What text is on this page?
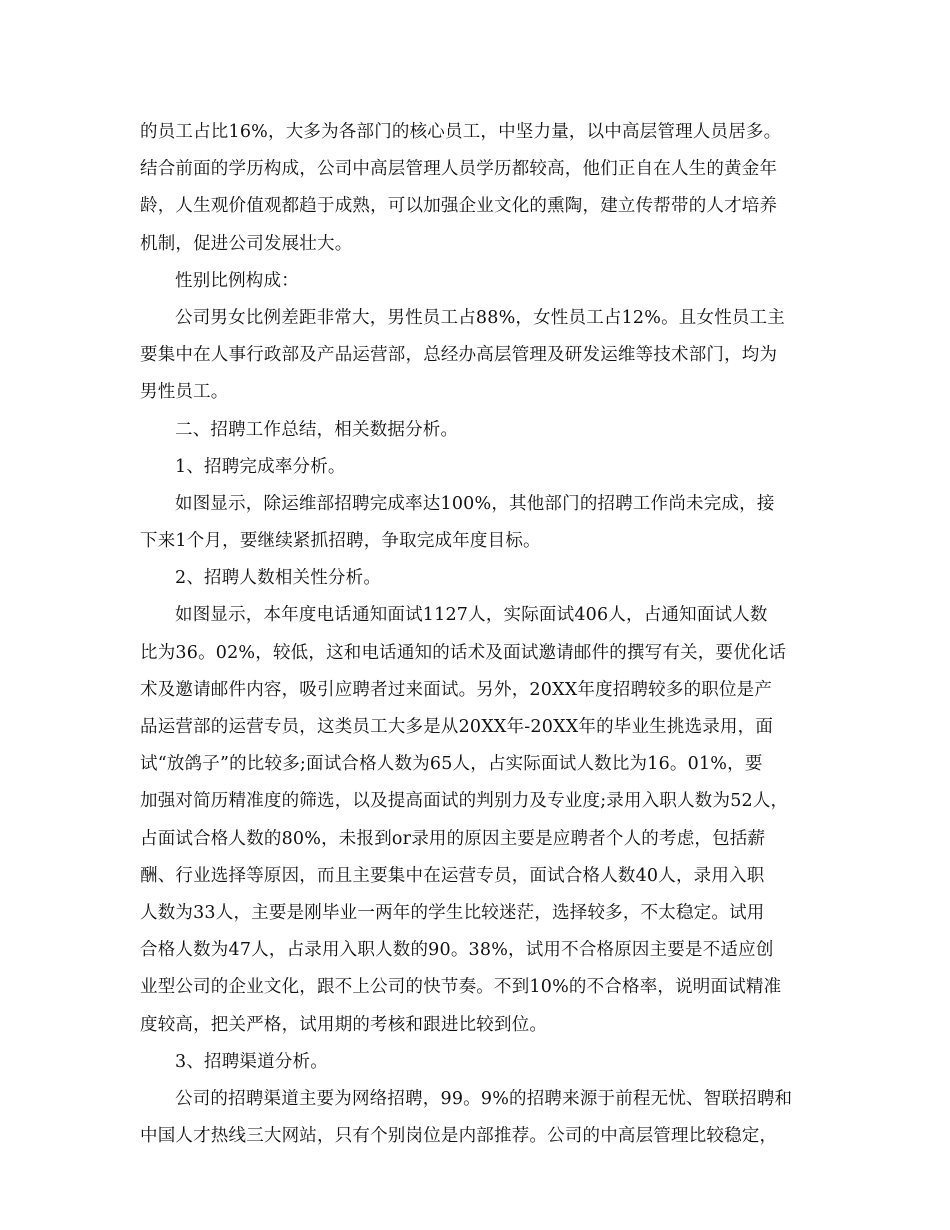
的员工占比16%，大多为各部门的核心员工，中坚力量，以中高层管理人员居多。
结合前面的学历构成，公司中高层管理人员学历都较高，他们正自在人生的黄金年
龄，人生观价值观都趋于成熟，可以加强企业文化的熏陶，建立传帮带的人才培养
机制，促进公司发展壮大。
性别比例构成：
公司男女比例差距非常大，男性员工占88%，女性员工占12%。且女性员工主
要集中在人事行政部及产品运营部，总经办高层管理及研发运维等技术部门，均为
男性员工。
二、招聘工作总结，相关数据分析。
1、招聘完成率分析。
如图显示，除运维部招聘完成率达100%，其他部门的招聘工作尚未完成，接
下来1个月，要继续紧抓招聘，争取完成年度目标。
2、招聘人数相关性分析。
如图显示，本年度电话通知面试1127人，实际面试406人，占通知面试人数
比为36。02%，较低，这和电话通知的话术及面试邀请邮件的撰写有关，要优化话
术及邀请邮件内容，吸引应聘者过来面试。另外，20XX年度招聘较多的职位是产
品运营部的运营专员，这类员工大多是从20XX年-20XX年的毕业生挑选录用，面
试“放鸽子”的比较多;面试合格人数为65人，占实际面试人数比为16。01%，要
加强对简历精准度的筛选，以及提高面试的判别力及专业度;录用入职人数为52人，
占面试合格人数的80%，未报到or录用的原因主要是应聘者个人的考虑，包括薪
酬、行业选择等原因，而且主要集中在运营专员，面试合格人数40人，录用入职
人数为33人，主要是刚毕业一两年的学生比较迷茫，选择较多，不太稳定。试用
合格人数为47人，占录用入职人数的90。38%，试用不合格原因主要是不适应创
业型公司的企业文化，跟不上公司的快节奏。不到10%的不合格率，说明面试精准
度较高，把关严格，试用期的考核和跟进比较到位。
3、招聘渠道分析。
公司的招聘渠道主要为网络招聘，99。9%的招聘来源于前程无忧、智联招聘和
中国人才热线三大网站，只有个别岗位是内部推荐。公司的中高层管理比较稳定，
